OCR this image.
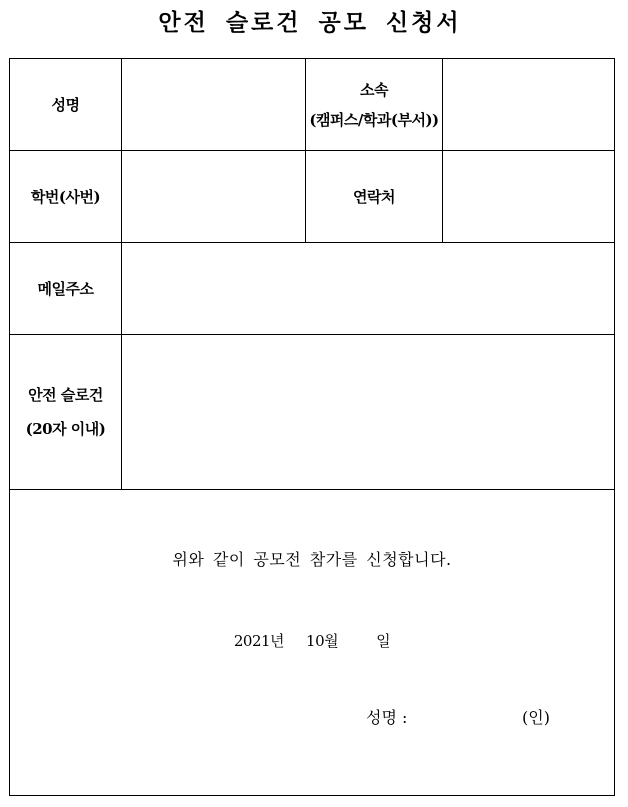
안전 슬로건 공모 신청서
성명		소속
(캠퍼스/학과(부서))	

학번(사번)		연락처	
메일주소			

안전 슬로건
(20자 이내)			

위와 같이 공모전 참가를 신청합니다.
2021년 10월 일
성명 : (인)			
